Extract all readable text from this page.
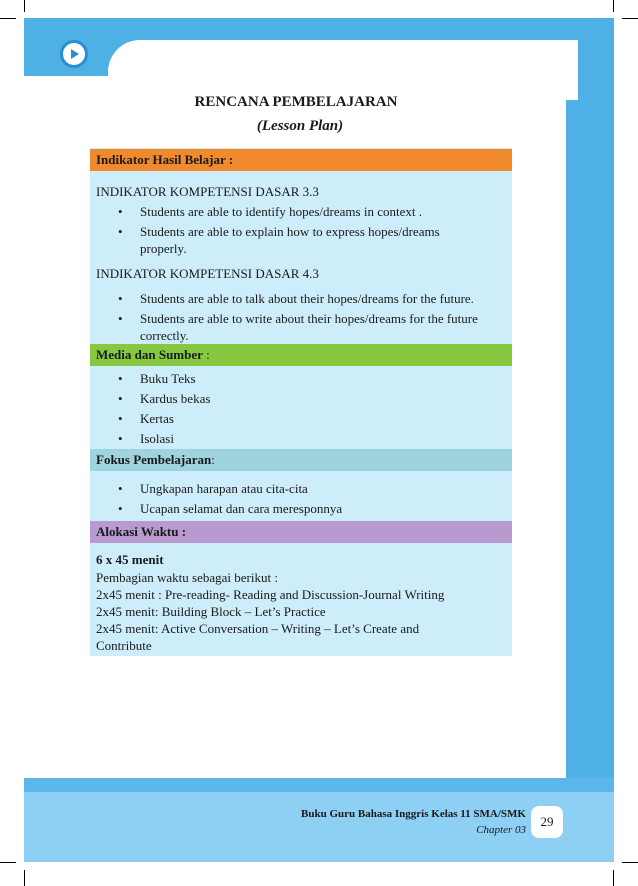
RENCANA PEMBELAJARAN
(Lesson Plan)
Indikator Hasil Belajar :
INDIKATOR KOMPETENSI DASAR 3.3
• Students are able to identify hopes/dreams in context .
• Students are able to explain how to express hopes/dreams properly.
INDIKATOR KOMPETENSI DASAR 4.3
• Students are able to talk about their hopes/dreams for the future.
• Students are able to write about their hopes/dreams for the future correctly.
Media dan Sumber :
• Buku Teks
• Kardus bekas
• Kertas
• Isolasi
Fokus Pembelajaran:
• Ungkapan harapan atau cita-cita
• Ucapan selamat dan cara meresponnya
Alokasi Waktu :
6 x 45 menit
Pembagian waktu sebagai berikut :
2x45 menit : Pre-reading- Reading and Discussion-Journal Writing
2x45 menit: Building Block – Let’s Practice
2x45 menit: Active Conversation – Writing – Let’s Create and Contribute
Buku Guru Bahasa Inggris Kelas 11 SMA/SMK
Chapter 03
29
